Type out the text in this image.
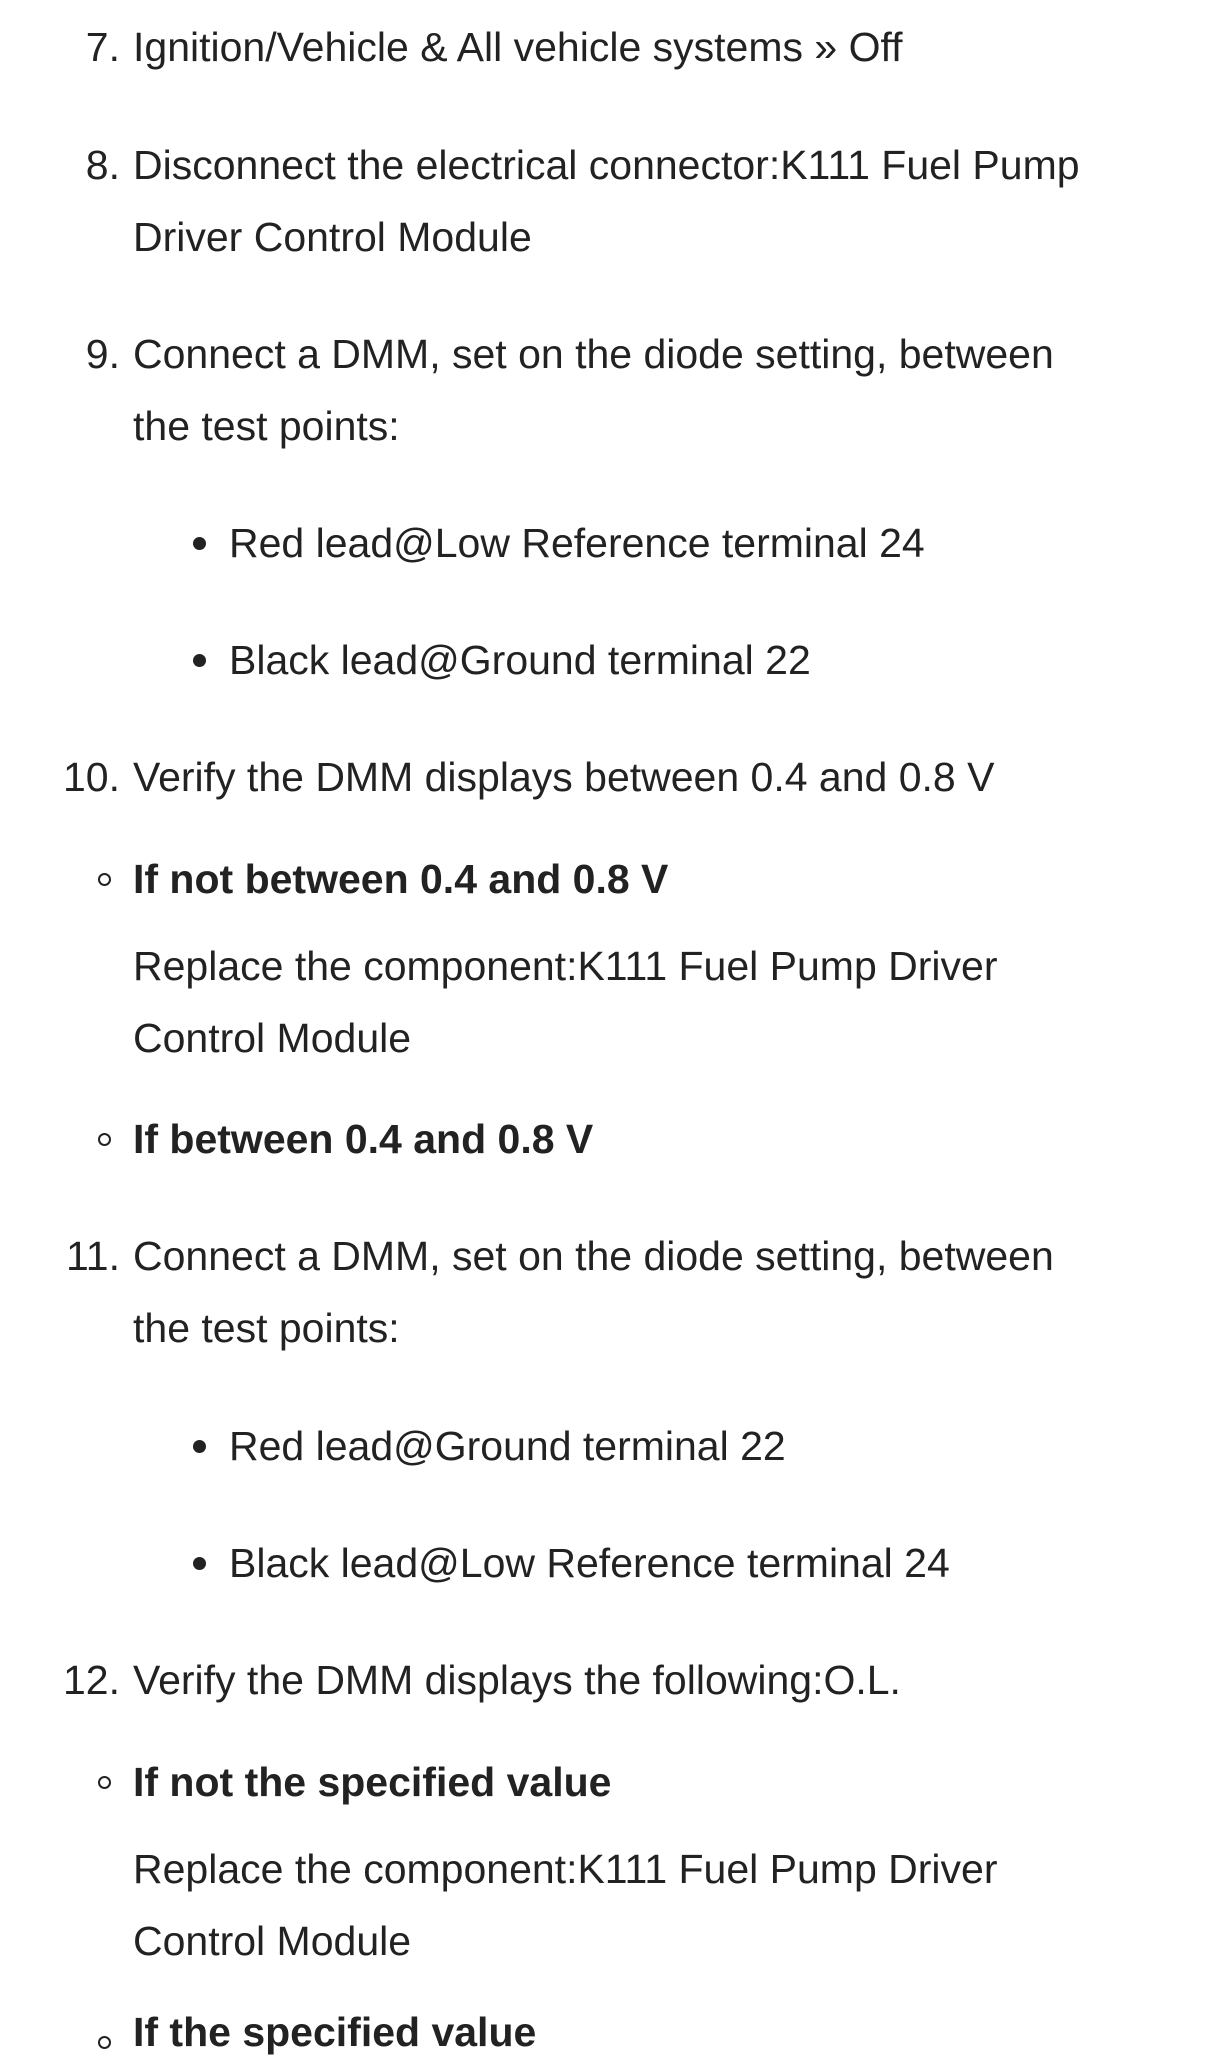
7. Ignition/Vehicle & All vehicle systems » Off
8. Disconnect the electrical connector:K111 Fuel Pump
Driver Control Module
9. Connect a DMM, set on the diode setting, between
the test points:
Red lead@Low Reference terminal 24
Black lead@Ground terminal 22
10. Verify the DMM displays between 0.4 and 0.8 V
If not between 0.4 and 0.8 V
Replace the component:K111 Fuel Pump Driver
Control Module
If between 0.4 and 0.8 V
11. Connect a DMM, set on the diode setting, between
the test points:
Red lead@Ground terminal 22
Black lead@Low Reference terminal 24
12. Verify the DMM displays the following:O.L.
If not the specified value
Replace the component:K111 Fuel Pump Driver
Control Module
If the specified value
